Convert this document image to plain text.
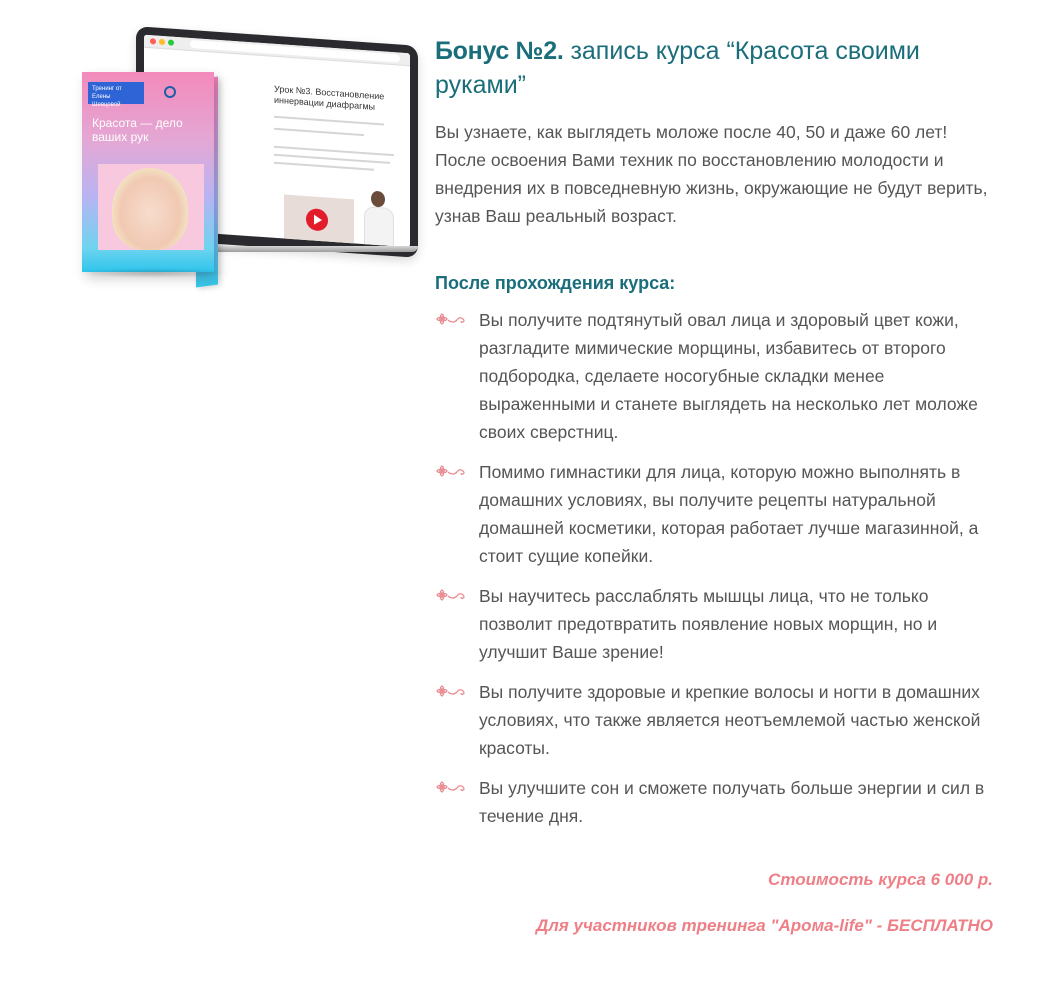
Урок №3. Восстановление иннервации диафрагмы
Тренинг от Елены Шевцовой
Красота — дело ваших рук
Бонус №2. запись курса “Красота своими руками”

Вы узнаете, как выглядеть моложе после 40, 50 и даже 60 лет! После освоения Вами техник по восстановлению молодости и внедрения их в повседневную жизнь, окружающие не будут верить, узнав Ваш реальный возраст.

После прохождения курса:
Вы получите подтянутый овал лица и здоровый цвет кожи, разгладите мимические морщины, избавитесь от второго подбородка, сделаете носогубные складки менее выраженными и станете выглядеть на несколько лет моложе своих сверстниц.
Помимо гимнастики для лица, которую можно выполнять в домашних условиях, вы получите рецепты натуральной домашней косметики, которая работает лучше магазинной, а стоит сущие копейки.
Вы научитесь расслаблять мышцы лица, что не только позволит предотвратить появление новых морщин, но и улучшит Ваше зрение!
Вы получите здоровые и крепкие волосы и ногти в домашних условиях, что также является неотъемлемой частью женской красоты.
Вы улучшите сон и сможете получать больше энергии и сил в течение дня.

Стоимость курса 6 000 р.

Для участников тренинга "Арома-life" - БЕСПЛАТНО
